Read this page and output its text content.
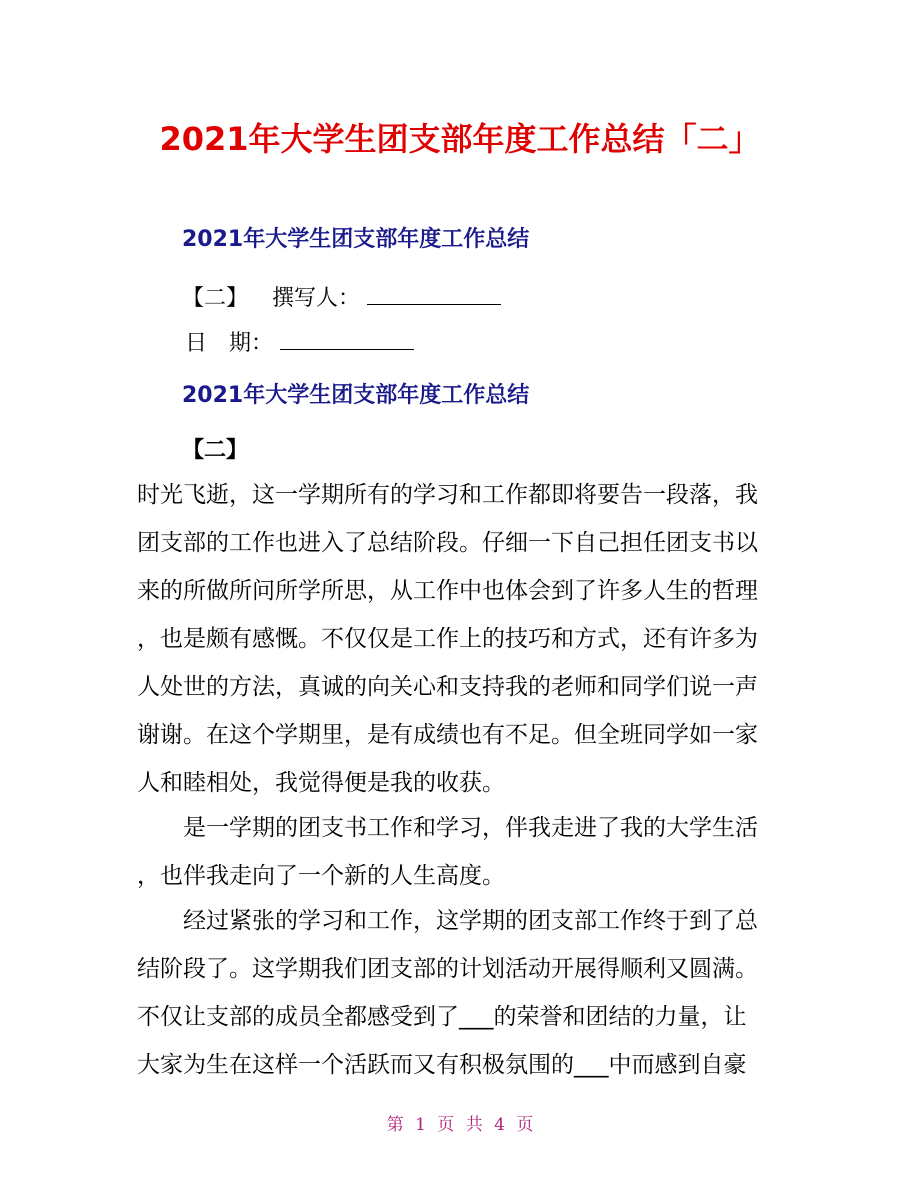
2021年大学生团支部年度工作总结「二」
2021年大学生团支部年度工作总结
【二】 撰写人：
日　期：
2021年大学生团支部年度工作总结
【二】
时光飞逝，这一学期所有的学习和工作都即将要告一段落，我
团支部的工作也进入了总结阶段。仔细一下自己担任团支书以
来的所做所问所学所思，从工作中也体会到了许多人生的哲理
，也是颇有感慨。不仅仅是工作上的技巧和方式，还有许多为
人处世的方法，真诚的向关心和支持我的老师和同学们说一声
谢谢。在这个学期里，是有成绩也有不足。但全班同学如一家
人和睦相处，我觉得便是我的收获。
是一学期的团支书工作和学习，伴我走进了我的大学生活
，也伴我走向了一个新的人生高度。
经过紧张的学习和工作，这学期的团支部工作终于到了总
结阶段了。这学期我们团支部的计划活动开展得顺利又圆满。
不仅让支部的成员全都感受到了___的荣誉和团结的力量，让
大家为生在这样一个活跃而又有积极氛围的___中而感到自豪
第 1 页 共 4 页
